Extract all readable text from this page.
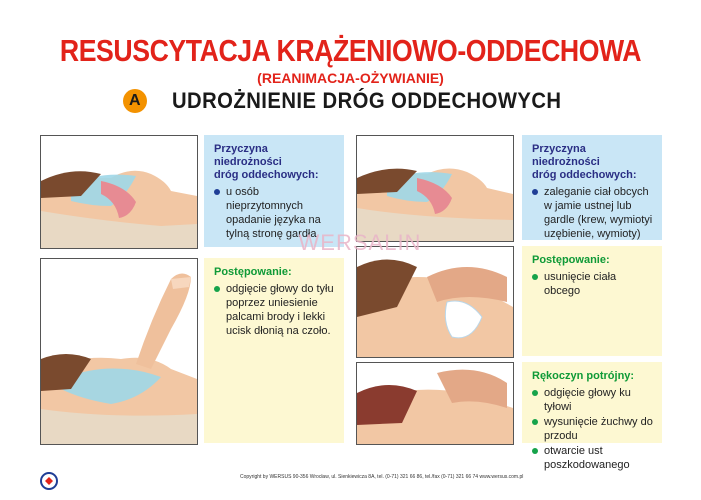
RESUSCYTACJA KRĄŻENIOWO-ODDECHOWA
(REANIMACJA-OŻYWIANIE)
A UDROŻNIENIE DRÓG ODDECHOWYCH
Przyczyna niedrożności
dróg oddechowych:
u osób nieprzytomnych opadanie języka na tylną stronę gardła
Postępowanie:
odgięcie głowy do tyłu poprzez uniesienie palcami brody i lekki ucisk dłonią na czoło.
Przyczyna niedrożności
dróg oddechowych:
zaleganie ciał obcych w jamie ustnej lub gardle (krew, wymiotyi uzębienie, wymioty)
Postępowanie:
usunięcie ciała obcego
Rękoczyn potrójny:
odgięcie głowy ku tyłowi
wysunięcie żuchwy do przodu
otwarcie ust poszkodowanego
WERSALIN
Copyright by WERSUS 90-356 Wrocław, ul. Sienkiewicza 8A, tel. (0-71) 321 66 86, tel./fax (0-71) 321 66 74 www.wersus.com.pl
